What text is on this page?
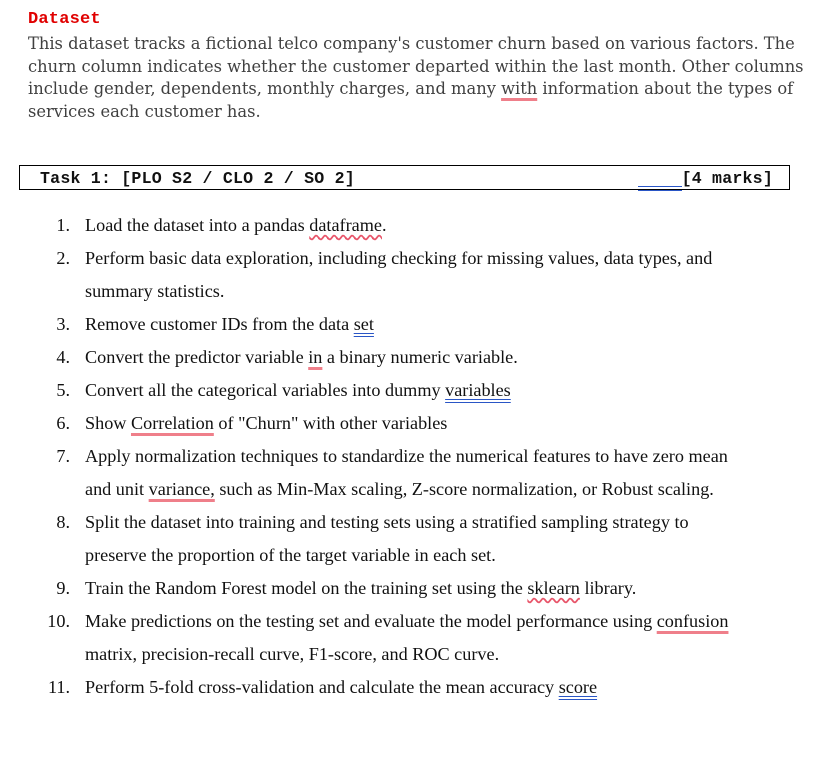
Dataset
This dataset tracks a fictional telco company's customer churn based on various factors. The
churn column indicates whether the customer departed within the last month. Other columns
include gender, dependents, monthly charges, and many with information about the types of
services each customer has.
Task 1: [PLO S2 / CLO 2 / SO 2]	[4 marks]
1. Load the dataset into a pandas dataframe.
2. Perform basic data exploration, including checking for missing values, data types, and
summary statistics.
3. Remove customer IDs from the data set
4. Convert the predictor variable in a binary numeric variable.
5. Convert all the categorical variables into dummy variables
6. Show Correlation of "Churn" with other variables
7. Apply normalization techniques to standardize the numerical features to have zero mean
and unit variance, such as Min-Max scaling, Z-score normalization, or Robust scaling.
8. Split the dataset into training and testing sets using a stratified sampling strategy to
preserve the proportion of the target variable in each set.
9. Train the Random Forest model on the training set using the sklearn library.
10. Make predictions on the testing set and evaluate the model performance using confusion
matrix, precision-recall curve, F1-score, and ROC curve.
11. Perform 5-fold cross-validation and calculate the mean accuracy score
